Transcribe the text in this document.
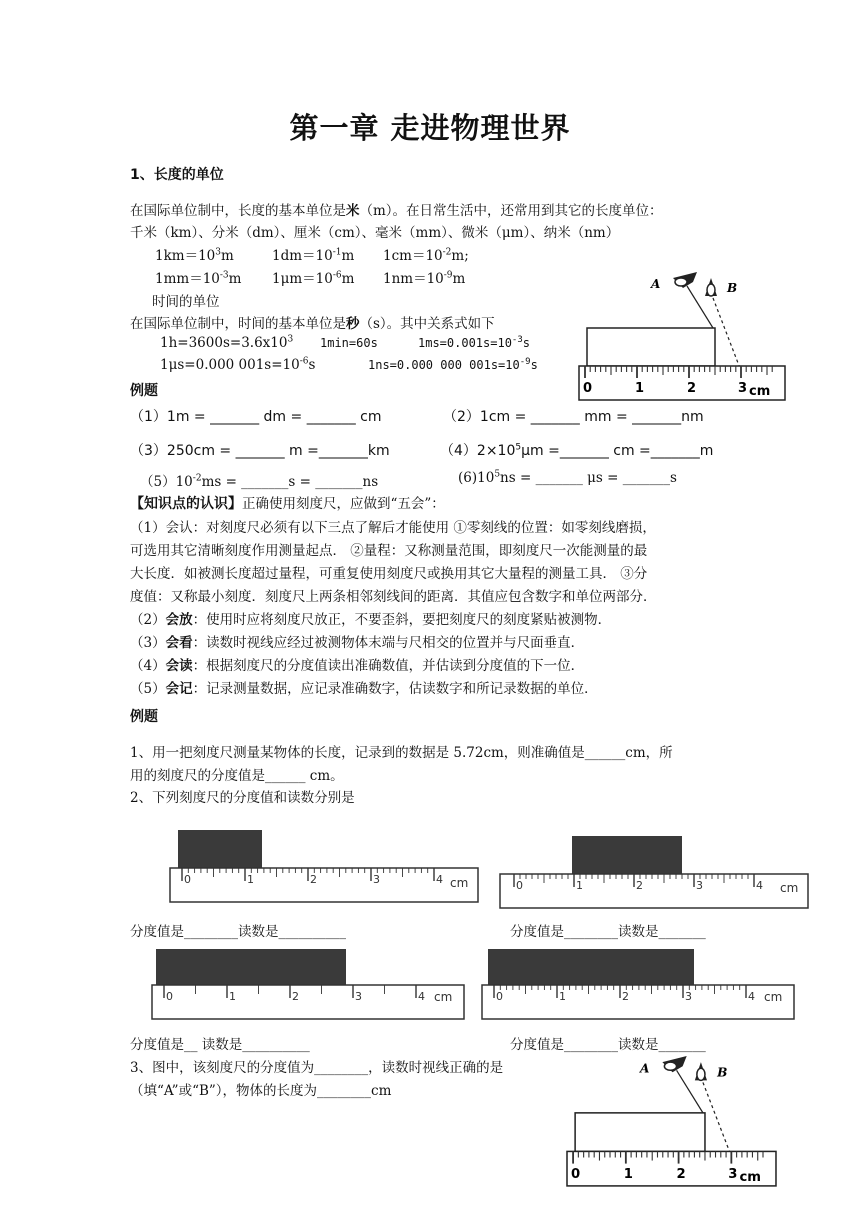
第一章 走进物理世界
1、长度的单位
在国际单位制中，长度的基本单位是米（m）。在日常生活中，还常用到其它的长度单位：
千米（km）、分米（dm）、厘米（cm）、毫米（mm）、微米（μm）、纳米（nm）
$1km=10^3m$	$1dm=10^{-1}m$ $1cm=10^{-2}m$;
$1mm=10^{-3}m$ $1\mu m=10^{-6}m$ $1nm=10^{-9}m$
时间的单位
在国际单位制中，时间的基本单位是秒（s）。其中关系式如下
$1h=3600s=3.6x10^3$ 1min=60s	$1ms=0.001s=10^{-3}s$
1μs=0.000 $001s=10^{-6}s$	1ns=0.000 000 $001s=10^{-9}s$
例题
（1）1m = _______ dm = _______ cm	（2）1cm = _______ mm = _______nm
（3）250cm = _______ m =_______km	$(4)2\times 10^5\mu m$ =_______ cm =_______m
$(5)10^{-2}ms$ = _______s = _______ns	$(6)10^5ns$ = _______ μs = _______s
【知识点的认识】正确使用刻度尺，应做到“五会”：
（1）会认：对刻度尺必须有以下三点了解后才能使用 ①零刻线的位置：如零刻线磨损，
可选用其它清晰刻度作用测量起点． ②量程：又称测量范围，即刻度尺一次能测量的最
大长度．如被测长度超过量程，可重复使用刻度尺或换用其它大量程的测量工具． ③分
度值：又称最小刻度．刻度尺上两条相邻刻线间的距离．其值应包含数字和单位两部分．
（2）会放：使用时应将刻度尺放正，不要歪斜，要把刻度尺的刻度紧贴被测物．
（3）会看：读数时视线应经过被测物体末端与尺相交的位置并与尺面垂直．
（4）会读：根据刻度尺的分度值读出准确数值，并估读到分度值的下一位．
（5）会记：记录测量数据，应记录准确数字，估读数字和所记录数据的单位．
例题
1、用一把刻度尺测量某物体的长度，记录到的数据是 5.72cm，则准确值是______cm，所
用的刻度尺的分度值是______ cm。
2、下列刻度尺的分度值和读数分别是
分度值是________读数是__________	分度值是________读数是_______
分度值是__ 读数是__________	分度值是________读数是_______
3、图中，该刻度尺的分度值为________，读数时视线正确的是
（填“A”或“B”），物体的长度为________cm
A	B
0	1	2	3 cm
A	B
0	1	2	3 cm
0	1	2	3	4 cm	0	1	2	3	4 cm
0	1	2	3	4 cm	0	1	2	3	4 cm
